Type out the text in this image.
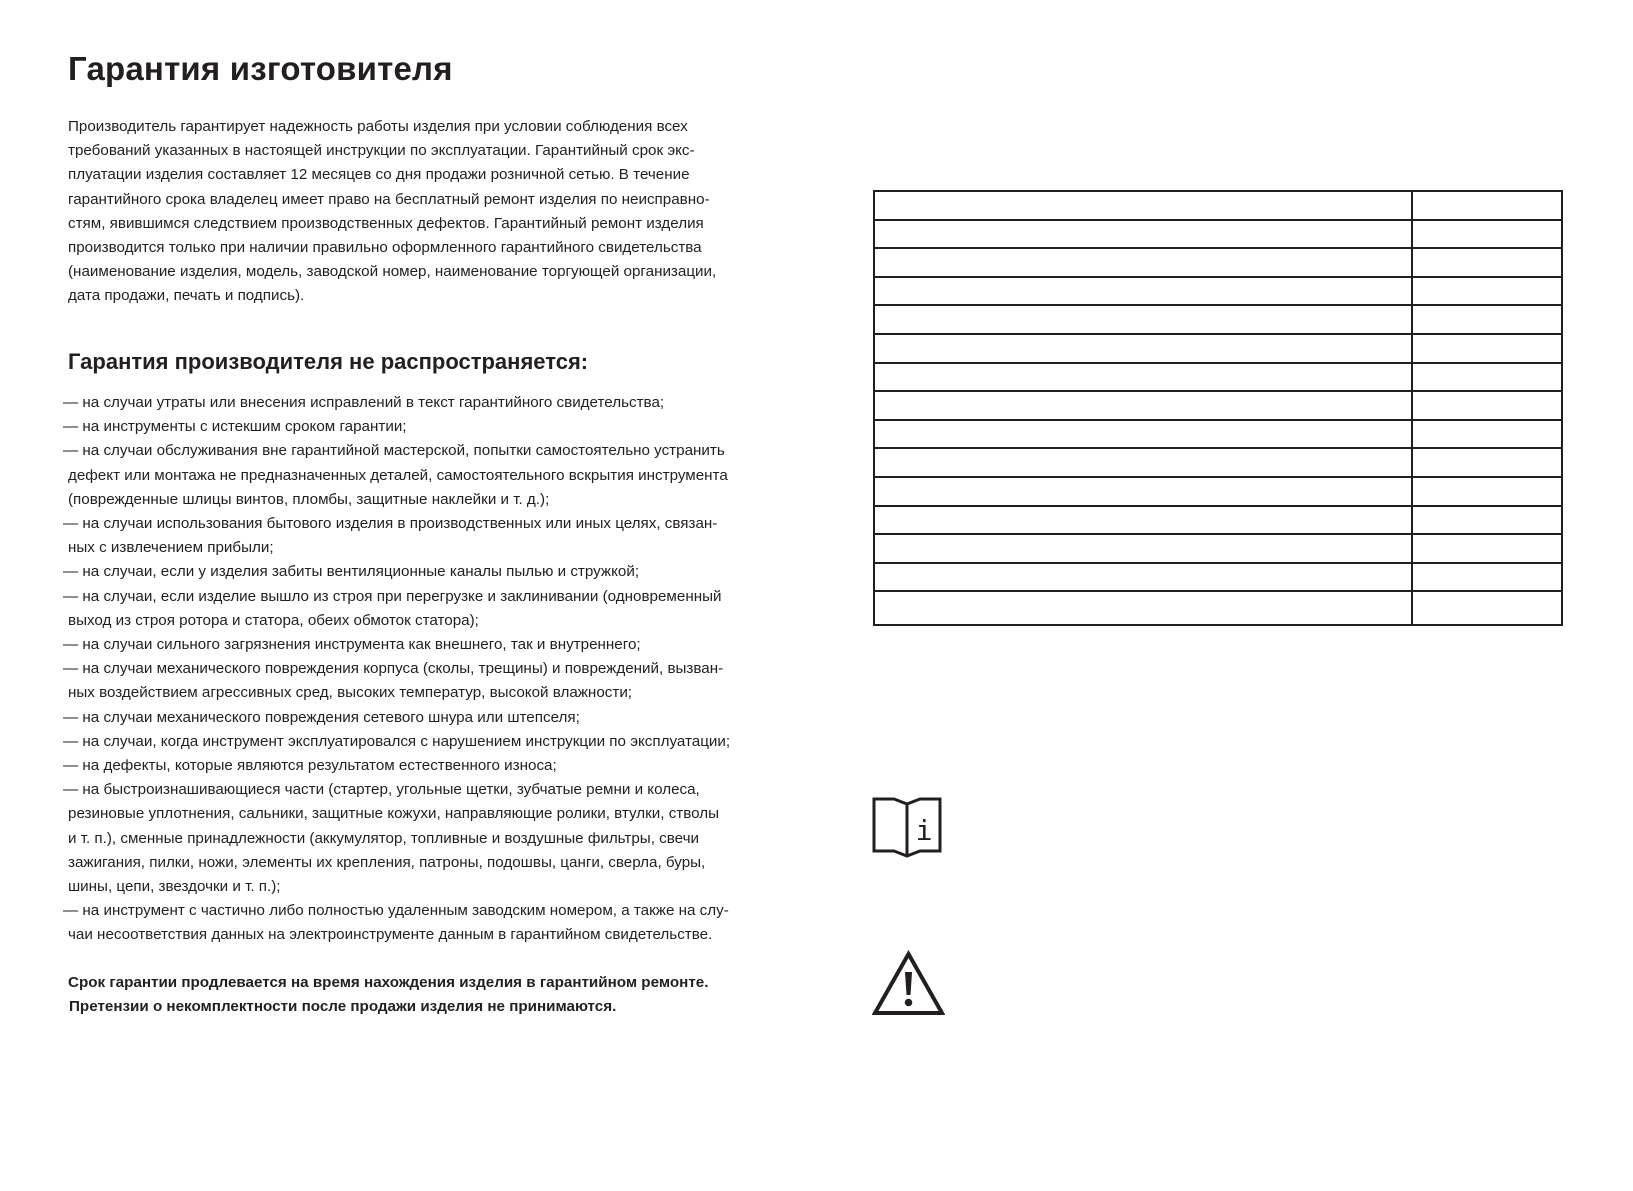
Гарантия изготовителя
Производитель гарантирует надежность работы изделия при условии соблюдения всех
требований указанных в настоящей инструкции по эксплуатации. Гарантийный срок экс-
плуатации изделия составляет 12 месяцев со дня продажи розничной сетью. В течение
гарантийного срока владелец имеет право на бесплатный ремонт изделия по неисправно-
стям, явившимся следствием производственных дефектов. Гарантийный ремонт изделия
производится только при наличии правильно оформленного гарантийного свидетельства
(наименование изделия, модель, заводской номер, наименование торгующей организации,
дата продажи, печать и подпись).
Гарантия производителя не распространяется:
— на случаи утраты или внесения исправлений в текст гарантийного свидетельства;
— на инструменты с истекшим сроком гарантии;
— на случаи обслуживания вне гарантийной мастерской, попытки самостоятельно устранить
дефект или монтажа не предназначенных деталей, самостоятельного вскрытия инструмента
(поврежденные шлицы винтов, пломбы, защитные наклейки и т. д.);
— на случаи использования бытового изделия в производственных или иных целях, связан-
ных с извлечением прибыли;
— на случаи, если у изделия забиты вентиляционные каналы пылью и стружкой;
— на случаи, если изделие вышло из строя при перегрузке и заклинивании (одновременный
выход из строя ротора и статора, обеих обмоток статора);
— на случаи сильного загрязнения инструмента как внешнего, так и внутреннего;
— на случаи механического повреждения корпуса (сколы, трещины) и повреждений, вызван-
ных воздействием агрессивных сред, высоких температур, высокой влажности;
— на случаи механического повреждения сетевого шнура или штепселя;
— на случаи, когда инструмент эксплуатировался с нарушением инструкции по эксплуатации;
— на дефекты, которые являются результатом естественного износа;
— на быстроизнашивающиеся части (стартер, угольные щетки, зубчатые ремни и колеса,
резиновые уплотнения, сальники, защитные кожухи, направляющие ролики, втулки, стволы
и т. п.), сменные принадлежности (аккумулятор, топливные и воздушные фильтры, свечи
зажигания, пилки, ножи, элементы их крепления, патроны, подошвы, цанги, сверла, буры,
шины, цепи, звездочки и т. п.);
— на инструмент с частично либо полностью удаленным заводским номером, а также на слу-
чаи несоответствия данных на электроинструменте данным в гарантийном свидетельстве.
Срок гарантии продлевается на время нахождения изделия в гарантийном ремонте.
Претензии о некомплектности после продажи изделия не принимаются.

i
